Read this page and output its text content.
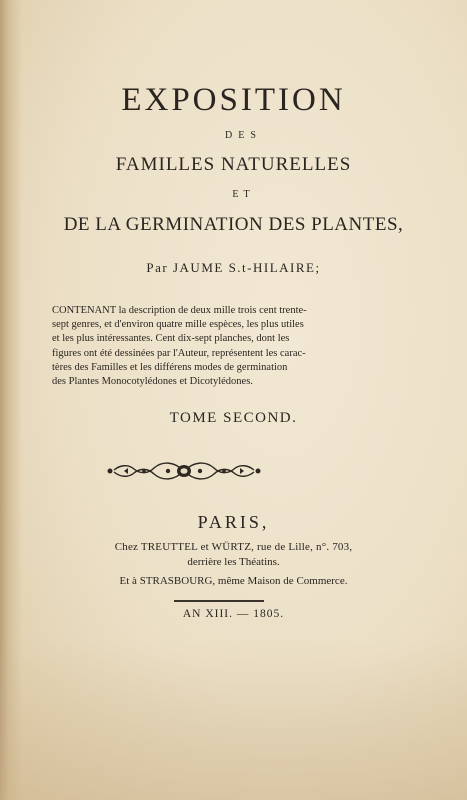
EXPOSITION
DES
FAMILLES NATURELLES
ET
DE LA GERMINATION DES PLANTES,
Par JAUME S.t-HILAIRE;
CONTENANT la description de deux mille trois cent trente-
sept genres, et d'environ quatre mille espèces, les plus utiles
et les plus intéressantes. Cent dix-sept planches, dont les
figures ont été dessinées par l'Auteur, représentent les carac-
tères des Familles et les différens modes de germination
des Plantes Monocotylédones et Dicotylédones.
TOME SECOND.
PARIS,
Chez TREUTTEL et WÜRTZ, rue de Lille, n°. 703,
derrière les Théatins.
Et à STRASBOURG, même Maison de Commerce.
AN XIII. — 1805.
